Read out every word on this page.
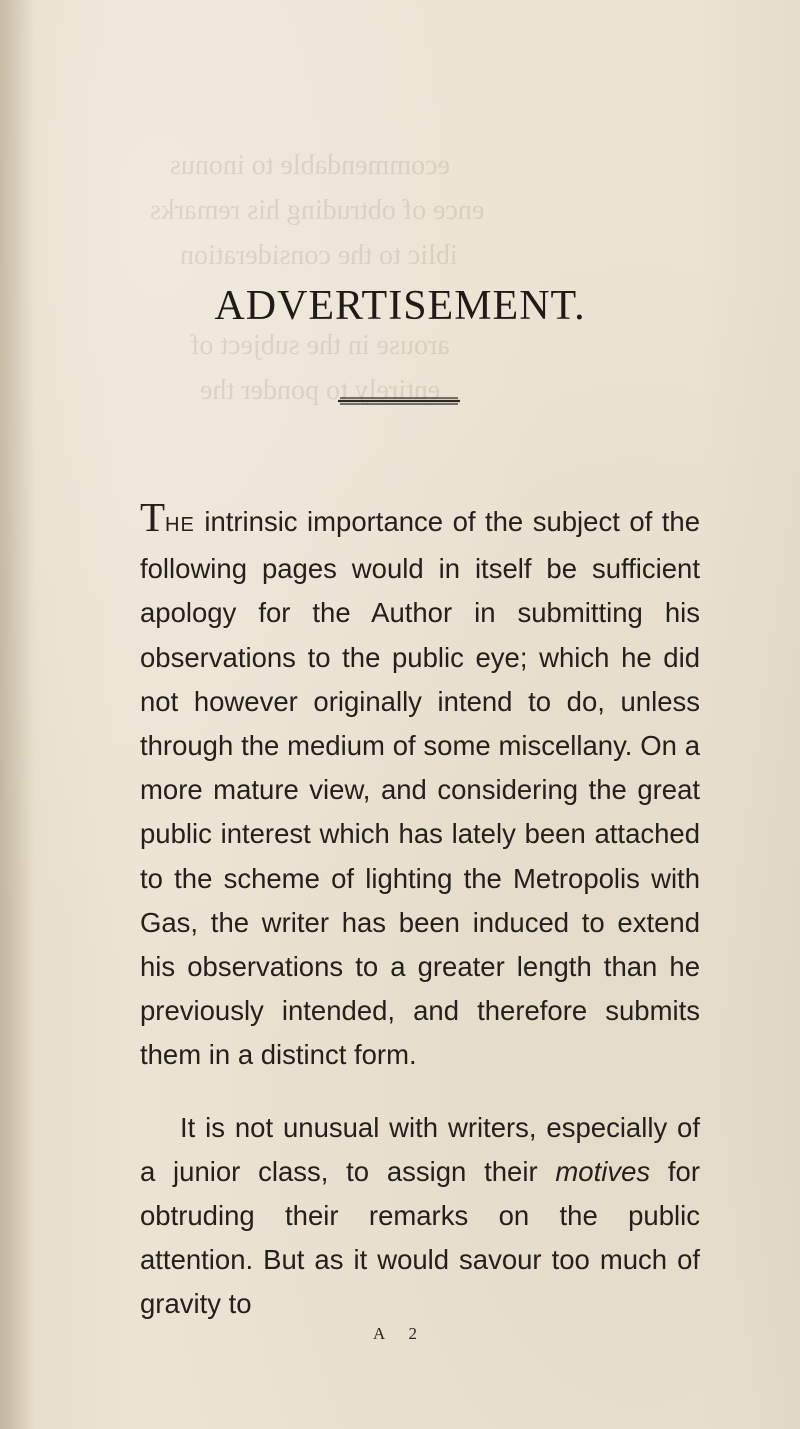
ecommendable to inonus
ence of obtruding his remarks
iblic to the consideration
arouse in the subject of
entirely to ponder the
ADVERTISEMENT.

THE intrinsic importance of the subject of the following pages would in itself be sufficient apology for the Author in submitting his observations to the public eye; which he did not however originally intend to do, unless through the medium of some miscellany. On a more mature view, and considering the great public interest which has lately been attached to the scheme of lighting the Metropolis with Gas, the writer has been induced to extend his observations to a greater length than he previously intended, and therefore submits them in a distinct form.

It is not unusual with writers, especially of a junior class, to assign their motives for obtruding their remarks on the public attention. But as it would savour too much of gravity to

A 2
